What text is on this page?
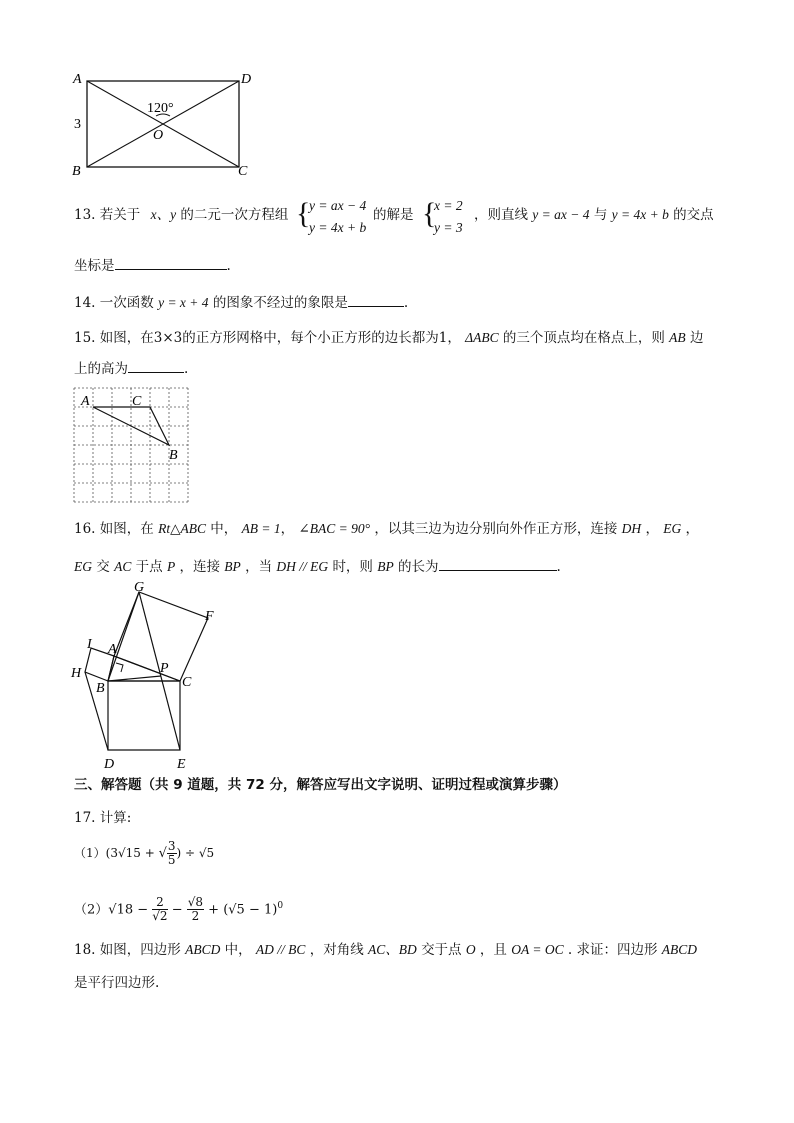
A	D
B	C
O
3
120°
13. 若关于 x、y 的二元一次方程组 {
y = ax − 4
y = 4x + b
的解是 {
x = 2
y = 3
，则直线 y = ax − 4 与 y = 4x + b 的交点
坐标是	.
14. 一次函数 y = x + 4 的图象不经过的象限是	.
15. 如图，在3×3的正方形网格中，每个小正方形的边长都为1， ΔABC 的三个顶点均在格点上，则 AB 边
上的高为	.
A	C
B
16. 如图，在 Rt△ABC 中， AB = 1， ∠BAC = 90° ，以其三边为边分别向外作正方形，连接 DH ， EG ，
EG 交 AC 于点 P ，连接 BP ，当 DH // EG 时，则 BP 的长为	.
G
F
I A
H
B
P
C
D	E
三、解答题（共 9 道题，共 72 分，解答应写出文字说明、证明过程或演算步骤）
17. 计算:
（1）(3√15 + √ $\frac{3}{5}$ ) ÷ √5
$(2)√18 - \frac{2}{√2} - \frac{√8}{2} + (√5 - 1)^0$
18. 如图，四边形 ABCD 中， AD // BC ，对角线 AC、BD 交于点 O ，且 OA = OC . 求证：四边形 ABCD
是平行四边形.
